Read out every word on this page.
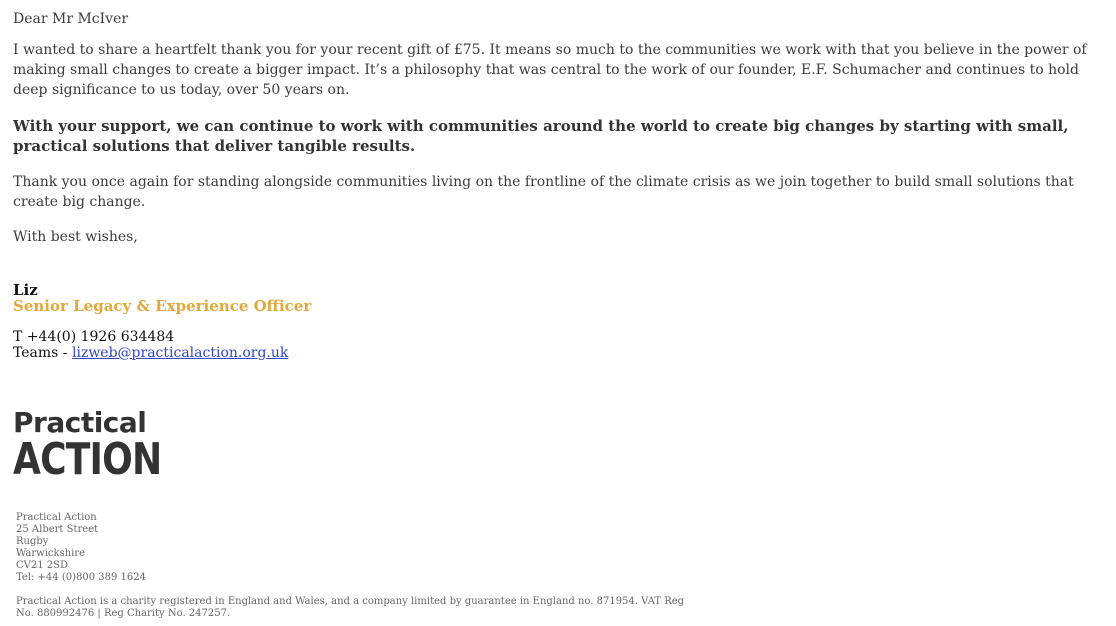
Dear Mr McIver

I wanted to share a heartfelt thank you for your recent gift of £75. It means so much to the communities we work with that you believe in the power of making small changes to create a bigger impact. It’s a philosophy that was central to the work of our founder, E.F. Schumacher and continues to hold deep significance to us today, over 50 years on.

With your support, we can continue to work with communities around the world to create big changes by starting with small, practical solutions that deliver tangible results.

Thank you once again for standing alongside communities living on the frontline of the climate crisis as we join together to build small solutions that create big change.

With best wishes,

Liz

Senior Legacy & Experience Officer

T +44(0) 1926 634484

Teams - lizweb@practicalaction.org.uk

Practical
ACTION
Practical Action
25 Albert Street
Rugby
Warwickshire
CV21 2SD
Tel: +44 (0)800 389 1624
Practical Action is a charity registered in England and Wales, and a company limited by guarantee in England no. 871954. VAT Reg No. 880992476 | Reg Charity No. 247257.
